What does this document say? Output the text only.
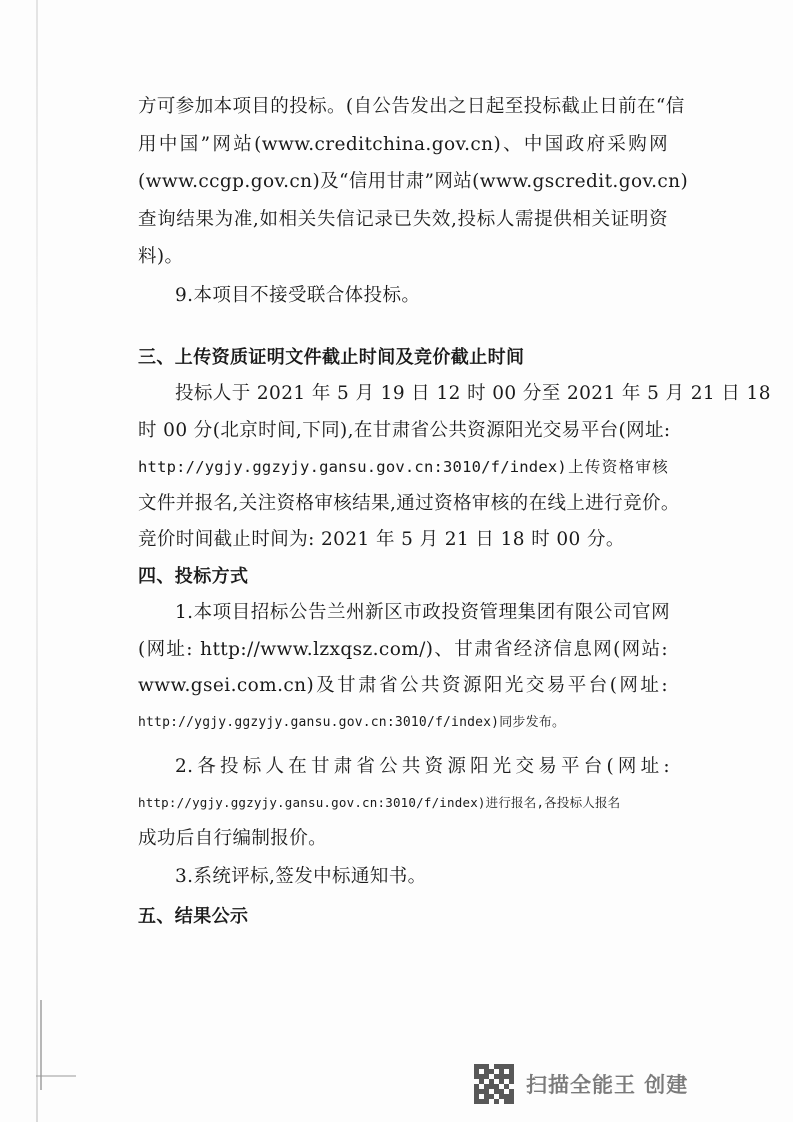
方可参加本项目的投标。(自公告发出之日起至投标截止日前在“信
用中国”网站(www.creditchina.gov.cn)、中国政府采购网
(www.ccgp.gov.cn)及“信用甘肃”网站(www.gscredit.gov.cn)
查询结果为准,如相关失信记录已失效,投标人需提供相关证明资
料)。
9.本项目不接受联合体投标。
三、上传资质证明文件截止时间及竞价截止时间
投标人于 2021 年 5 月 19 日 12 时 00 分至 2021 年 5 月 21 日 18
时 00 分(北京时间,下同),在甘肃省公共资源阳光交易平台(网址:
http://ygjy.ggzyjy.gansu.gov.cn:3010/f/index)上传资格审核
文件并报名,关注资格审核结果,通过资格审核的在线上进行竞价。
竞价时间截止时间为: 2021 年 5 月 21 日 18 时 00 分。
四、投标方式
1.本项目招标公告兰州新区市政投资管理集团有限公司官网
(网址: http://www.lzxqsz.com/)、甘肃省经济信息网(网站:
www.gsei.com.cn)及甘肃省公共资源阳光交易平台(网址:
http://ygjy.ggzyjy.gansu.gov.cn:3010/f/index)同步发布。
2.各投标人在甘肃省公共资源阳光交易平台(网址:
http://ygjy.ggzyjy.gansu.gov.cn:3010/f/index)进行报名,各投标人报名
成功后自行编制报价。
3.系统评标,签发中标通知书。
五、结果公示
扫描全能王 创建
